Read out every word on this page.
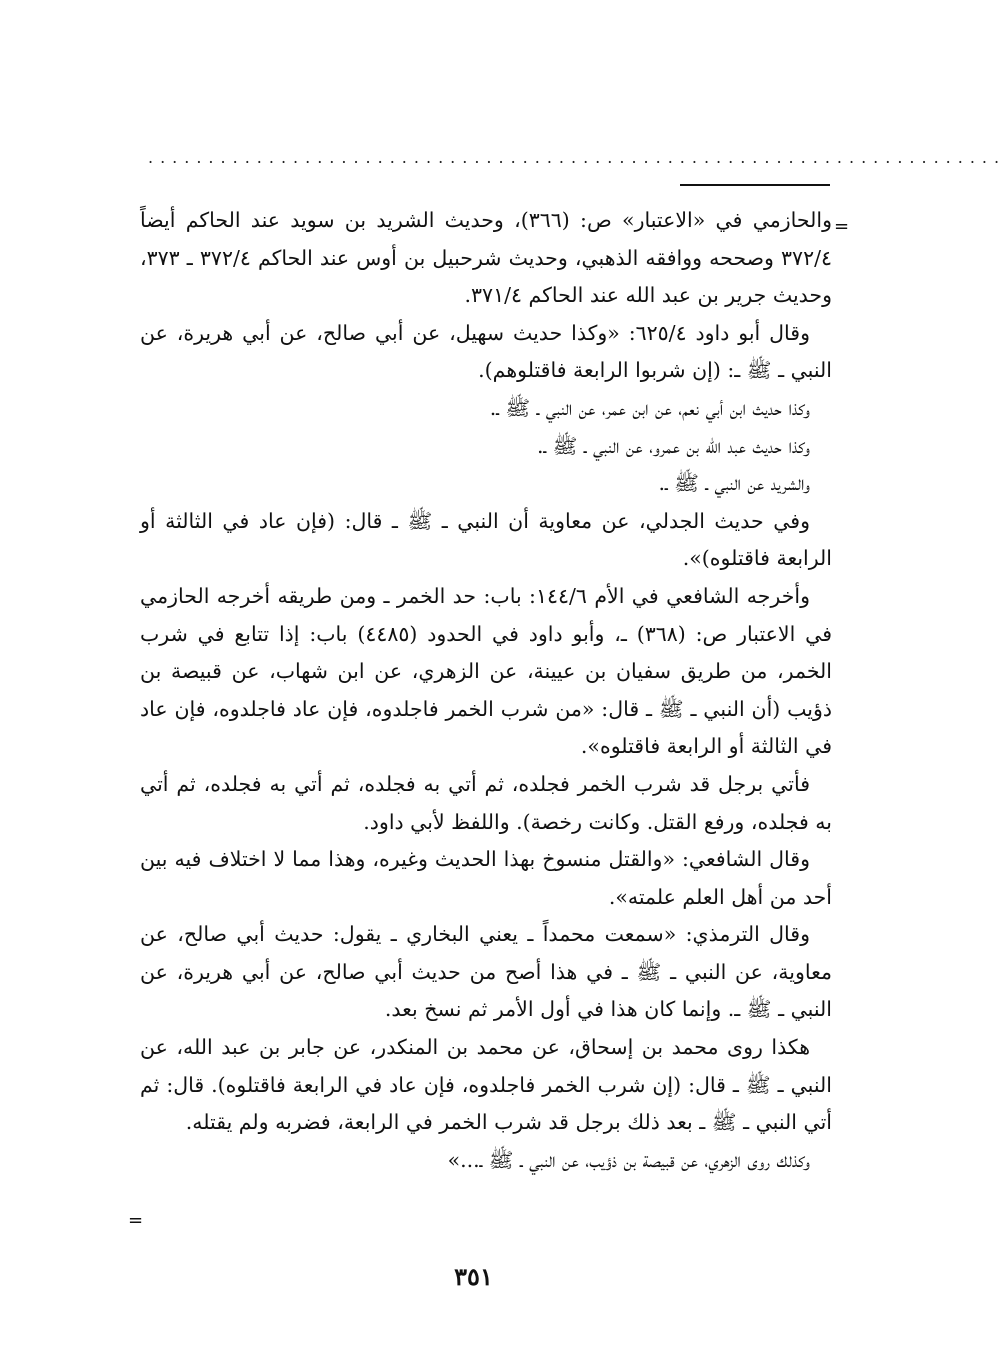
.......................................................................
=

والحازمي في «الاعتبار» ص: (٣٦٦)، وحديث الشريد بن سويد عند الحاكم أيضاً ٣٧٢/٤ وصححه ووافقه الذهبي، وحديث شرحبيل بن أوس عند الحاكم ٣٧٢/٤ ـ ٣٧٣، وحديث جرير بن عبد الله عند الحاكم ٣٧١/٤.

وقال أبو داود ٦٢٥/٤: «وكذا حديث سهيل، عن أبي صالح، عن أبي هريرة، عن النبي ـ ﷺ ـ: (إن شربوا الرابعة فاقتلوهم).

وكذا حديث ابن أبي نعم، عن ابن عمر، عن النبي ـ ﷺ ـ.

وكذا حديث عبد الله بن عمرو، عن النبي ـ ﷺ ـ.

والشريد عن النبي ـ ﷺ ـ.

وفي حديث الجدلي، عن معاوية أن النبي ـ ﷺ ـ قال: (فإن عاد في الثالثة أو الرابعة فاقتلوه)».

وأخرجه الشافعي في الأم ١٤٤/٦: باب: حد الخمر ـ ومن طريقه أخرجه الحازمي في الاعتبار ص: (٣٦٨) ـ، وأبو داود في الحدود (٤٤٨٥) باب: إذا تتابع في شرب الخمر، من طريق سفيان بن عيينة، عن الزهري، عن ابن شهاب، عن قبيصة بن ذؤيب (أن النبي ـ ﷺ ـ قال: «من شرب الخمر فاجلدوه، فإن عاد فاجلدوه، فإن عاد في الثالثة أو الرابعة فاقتلوه».

فأتي برجل قد شرب الخمر فجلده، ثم أتي به فجلده، ثم أتي به فجلده، ثم أتي به فجلده، ورفع القتل. وكانت رخصة). واللفظ لأبي داود.

وقال الشافعي: «والقتل منسوخ بهذا الحديث وغيره، وهذا مما لا اختلاف فيه بين أحد من أهل العلم علمته».

وقال الترمذي: «سمعت محمداً ـ يعني البخاري ـ يقول: حديث أبي صالح، عن معاوية، عن النبي ـ ﷺ ـ في هذا أصح من حديث أبي صالح، عن أبي هريرة، عن النبي ـ ﷺ ـ. وإنما كان هذا في أول الأمر ثم نسخ بعد.

هكذا روى محمد بن إسحاق، عن محمد بن المنكدر، عن جابر بن عبد الله، عن النبي ـ ﷺ ـ قال: (إن شرب الخمر فاجلدوه، فإن عاد في الرابعة فاقتلوه). قال: ثم أتي النبي ـ ﷺ ـ بعد ذلك برجل قد شرب الخمر في الرابعة، فضربه ولم يقتله.

وكذلك روى الزهري، عن قبيصة بن ذؤيب، عن النبي ـ ﷺ ـ...»

=
٣٥١
